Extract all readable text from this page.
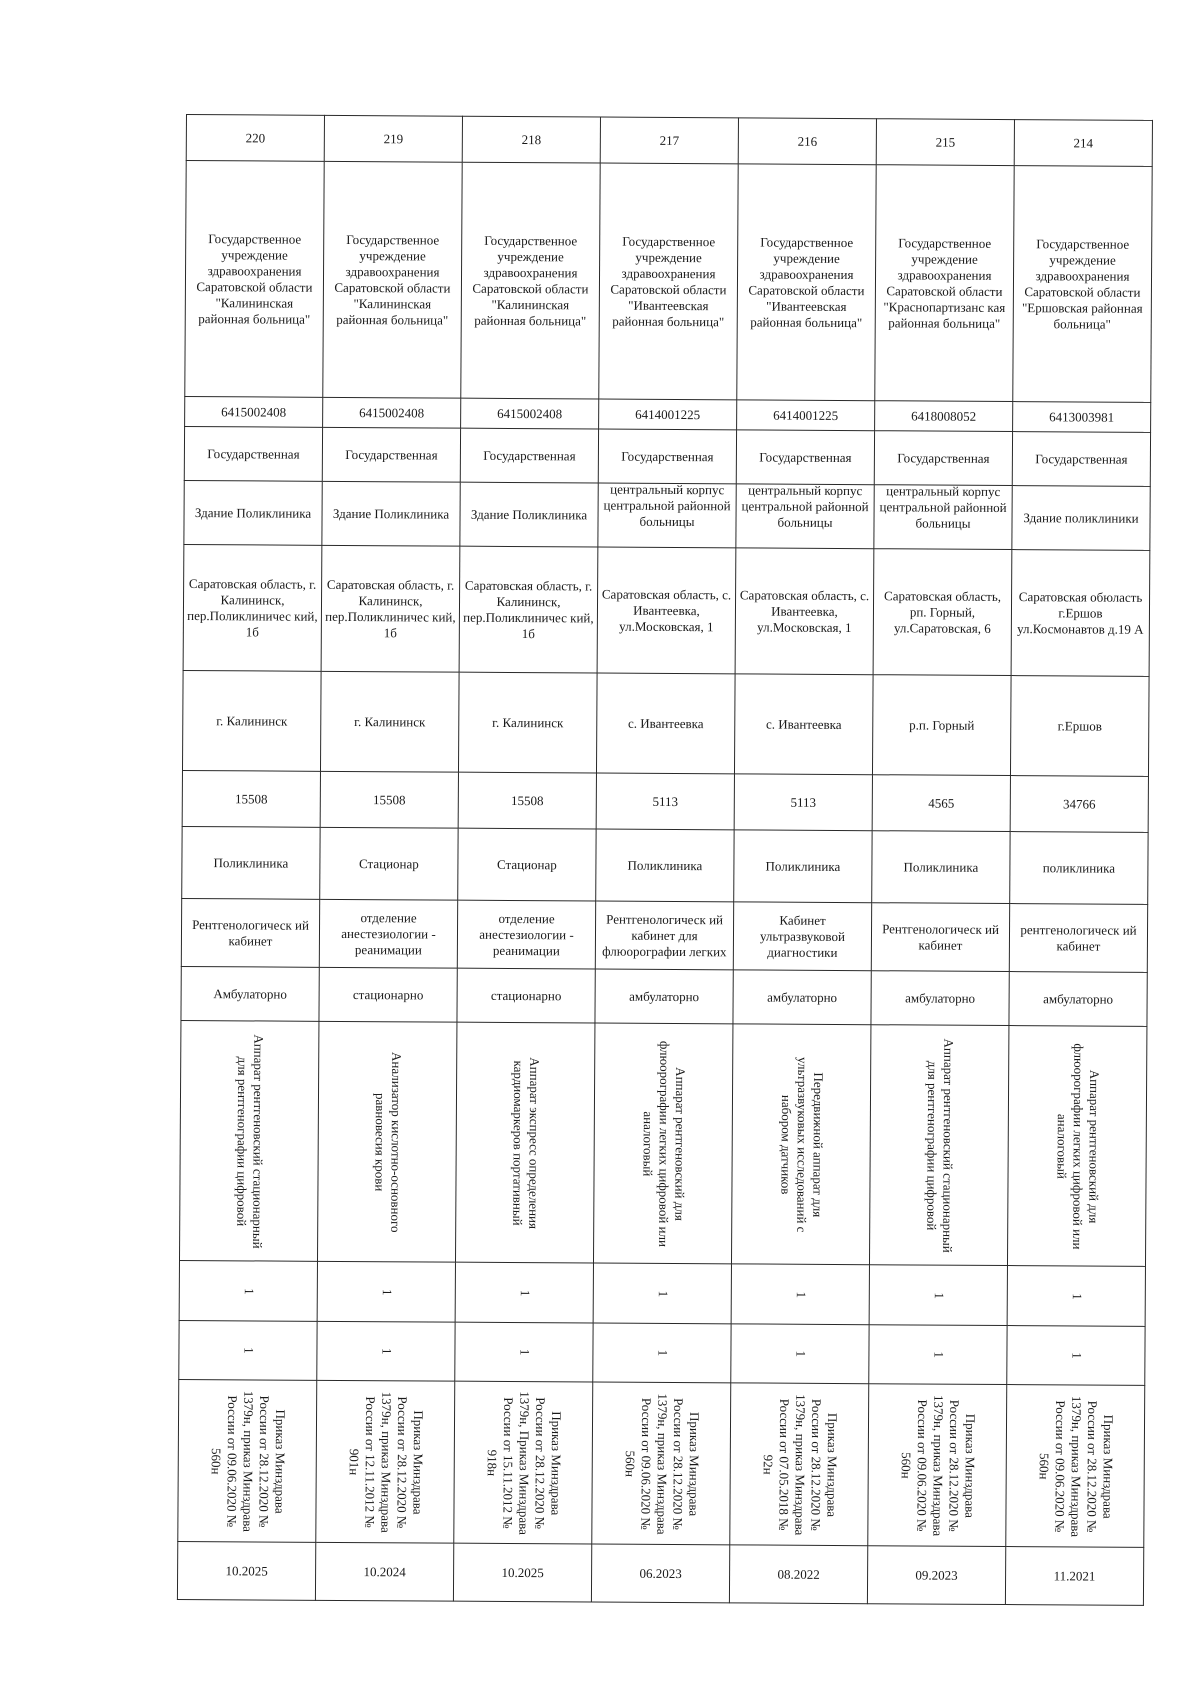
220	219	218	217	216	215	214
Государственное учреждение здравоохранения Саратовской области "Калининская районная больница"	Государственное учреждение здравоохранения Саратовской области "Калининская районная больница"	Государственное учреждение здравоохранения Саратовской области "Калининская районная больница"	Государственное учреждение здравоохранения Саратовской области "Ивантеевская районная больница"	Государственное учреждение здравоохранения Саратовской области "Ивантеевская районная больница"	Государственное учреждение здравоохранения Саратовской области "Краснопартизанс кая районная больница"	Государственное учреждение здравоохранения Саратовской области "Ершовская районная больница"
6415002408	6415002408	6415002408	6414001225	6414001225	6418008052	6413003981
Государственная	Государственная	Государственная	Государственная	Государственная	Государственная	Государственная
Здание Поликлиника	Здание Поликлиника	Здание Поликлиника	центральный корпус центральной районной больницы	центральный корпус центральной районной больницы	центральный корпус центральной районной больницы	Здание поликлиники
Саратовская область, г. Калининск, пер.Поликлиничес кий, 1б	Саратовская область, г. Калининск, пер.Поликлиничес кий, 1б	Саратовская область, г. Калининск, пер.Поликлиничес кий, 1б	Саратовская область, с. Ивантеевка, ул.Московская, 1	Саратовская область, с. Ивантеевка, ул.Московская, 1	Саратовская область, рп. Горный, ул.Саратовская, 6	Саратовская обюласть г.Ершов ул.Космонавтов д.19 А
г. Калининск	г. Калининск	г. Калининск	с. Ивантеевка	с. Ивантеевка	р.п. Горный	г.Ершов
15508	15508	15508	5113	5113	4565	34766
Поликлиника	Стационар	Стационар	Поликлиника	Поликлиника	Поликлиника	поликлиника
Рентгенологическ ий кабинет	отделение анестезиологии - реанимации	отделение анестезиологии - реанимации	Рентгенологическ ий кабинет для флюорографии легких	Кабинет ультразвуковой диагностики	Рентгенологическ ий кабинет	рентгенологическ ий кабинет
Амбулаторно	стационарно	стационарно	амбулаторно	амбулаторно	амбулаторно	амбулаторно

Аппарат рентгеновский стационарный для рентгенографии цифровой	Анализатор кислотно-основного равновесия крови	Аппарат экспресс определения кардиомаркеров портативный	Аппарат рентгеновский для флюорографии легких цифровой или аналоговый	Передвижной аппарат для ультразвуковых исследований с набором датчиков	Аппарат рентгеновский стационарный для рентгенографии цифровой	Аппарат рентгеновский для флюорографии легких цифровой или аналоговый

1	1	1	1	1	1	1

1	1	1	1	1	1	1

Приказ Минздрава России от 28.12.2020 № 1379н, приказ Минздрава России от 09.06.2020 № 560н	Приказ Минздрава России от 28.12.2020 № 1379н, приказ Минздрава России от 12.11.2012 № 901н	Приказ Минздрава России от 28.12.2020 № 1379н, Приказ Минздрава России от 15.11.2012 № 918н	Приказ Минздрава России от 28.12.2020 № 1379н, приказ Минздрава России от 09.06.2020 № 560н	Приказ Минздрава России от 28.12.2020 № 1379н, приказ Минздрава России от 07.05.2018 № 92н	Приказ Минздрава России от 28.12.2020 № 1379н, приказ Минздрава России от 09.06.2020 № 560н	Приказ Минздрава России от 28.12.2020 № 1379н, приказ Минздрава России от 09.06.2020 № 560н

10.2025	10.2024	10.2025	06.2023	08.2022	09.2023	11.2021
